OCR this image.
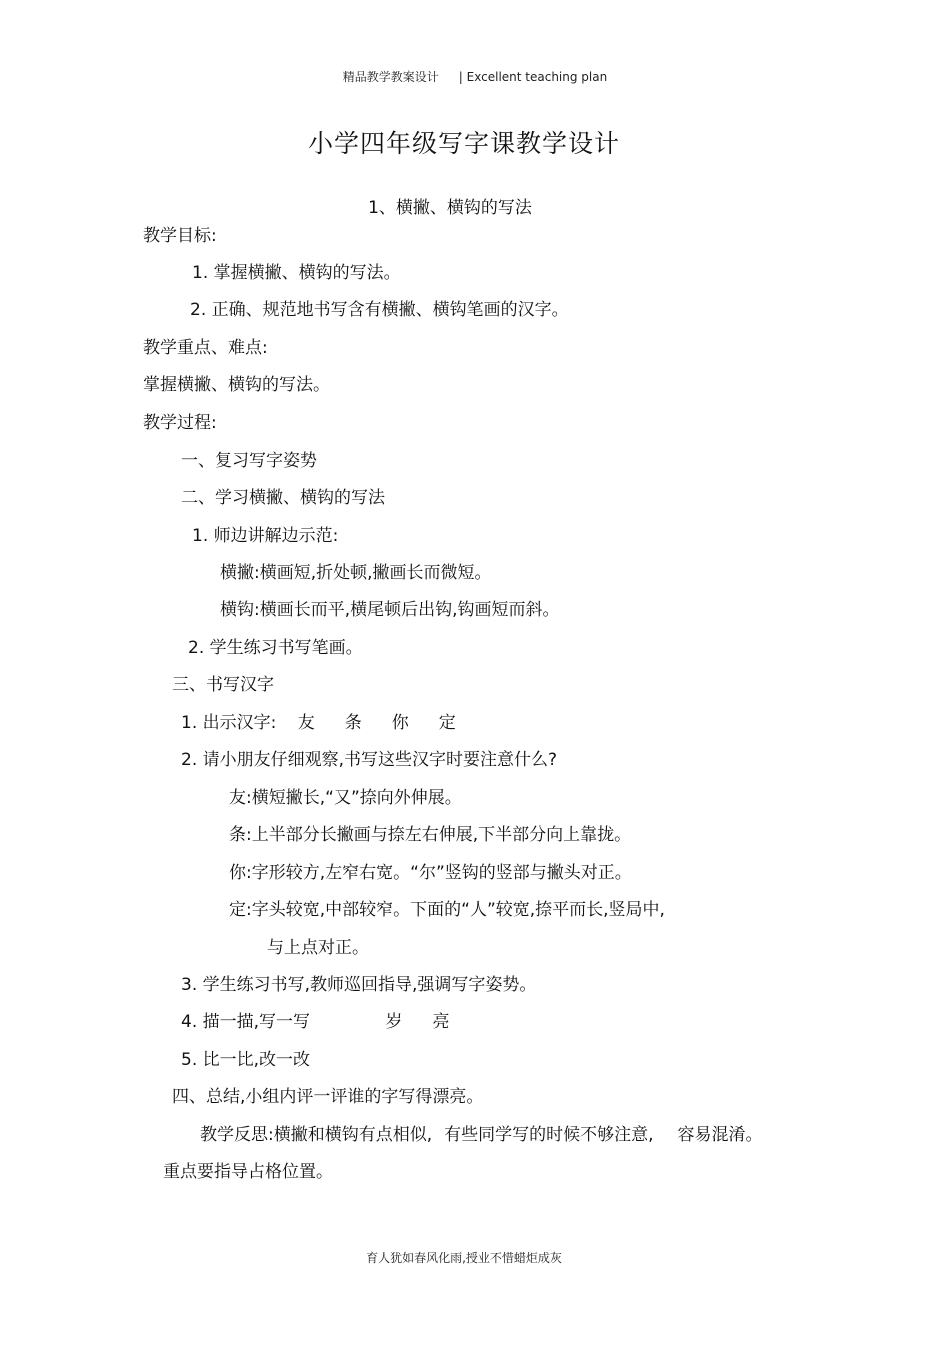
精品教学教案设计 | Excellent teaching plan
小学四年级写字课教学设计
1、横撇、横钩的写法
教学目标:
1. 掌握横撇、横钩的写法。
2. 正确、规范地书写含有横撇、横钩笔画的汉字。
教学重点、难点:
掌握横撇、横钩的写法。
教学过程:
一、复习写字姿势
二、学习横撇、横钩的写法
1. 师边讲解边示范:
横撇:横画短,折处顿,撇画长而微短。
横钩:横画长而平,横尾顿后出钩,钩画短而斜。
2. 学生练习书写笔画。
三、书写汉字
1. 出示汉字: 友 条 你 定
2. 请小朋友仔细观察,书写这些汉字时要注意什么?
友:横短撇长,“又”捺向外伸展。
条:上半部分长撇画与捺左右伸展,下半部分向上靠拢。
你:字形较方,左窄右宽。“尔”竖钩的竖部与撇头对正。
定:字头较宽,中部较窄。下面的“人”较宽,捺平而长,竖局中,
与上点对正。
3. 学生练习书写,教师巡回指导,强调写字姿势。
4. 描一描,写一写	岁 亮
5. 比一比,改一改
四、总结,小组内评一评谁的字写得漂亮。
教学反思:横撇和横钩有点相似, 有些同学写的时候不够注意, 容易混淆。
重点要指导占格位置。
育人犹如春风化雨,授业不惜蜡炬成灰
